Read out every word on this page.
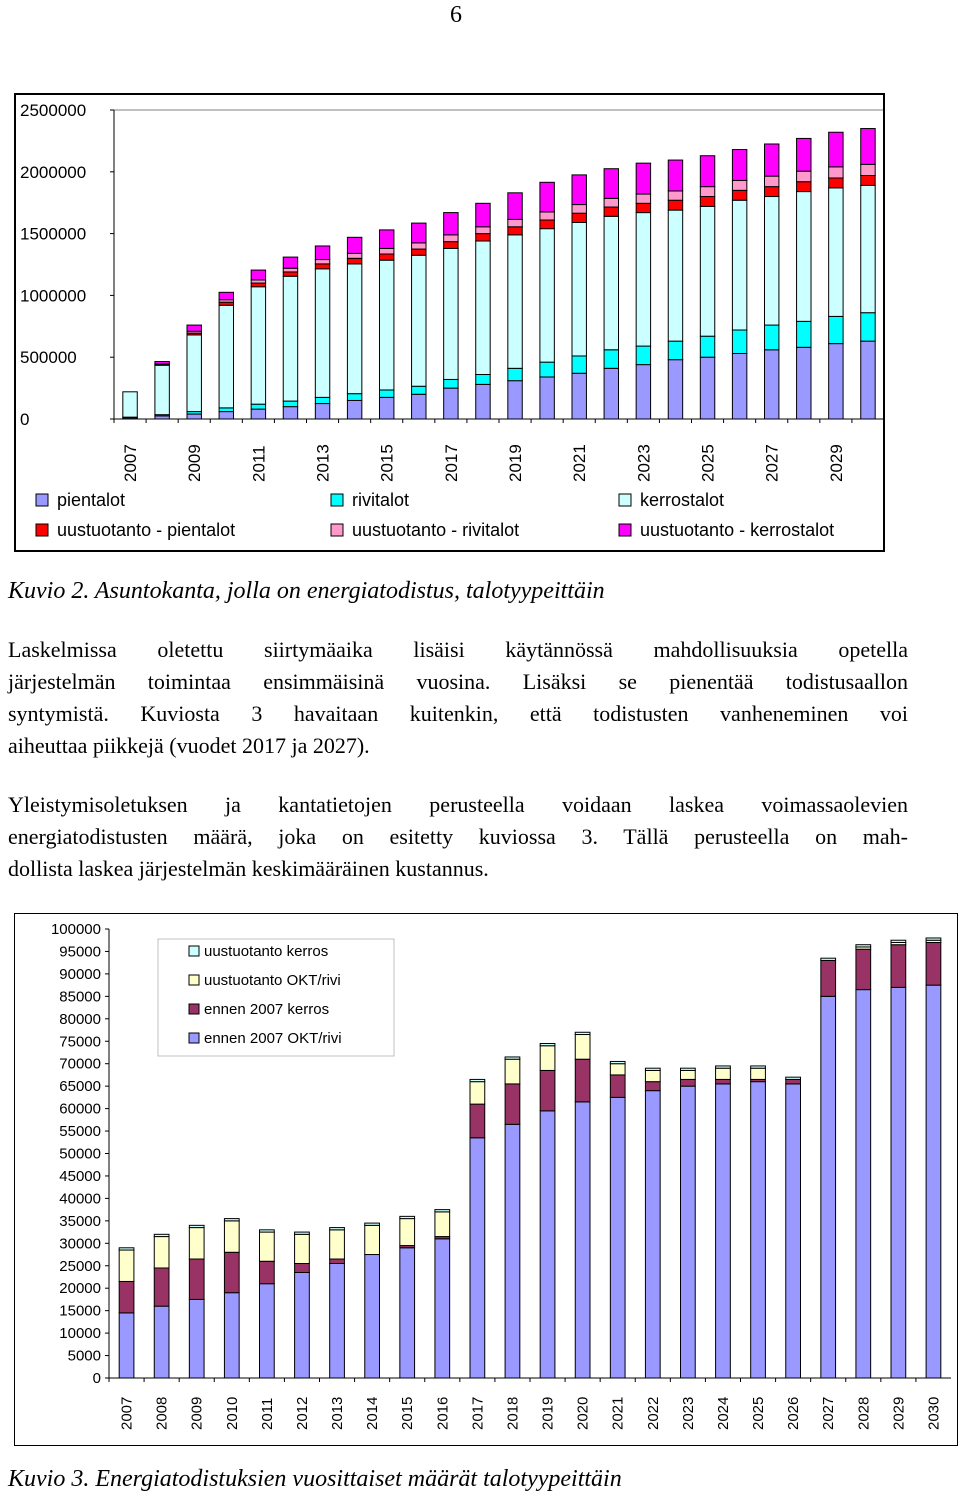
6
0
500000
1000000
1500000
2000000
2500000
2007	2009	2011	2013	2015	2017	2019	2021	2023	2025	2027	2029
pientalot	rivitalot	kerrostalot
uustuotanto - pientalot	uustuotanto - rivitalot	uustuotanto - kerrostalot
Kuvio 2. Asuntokanta, jolla on energiatodistus, talotyypeittäin
Laskelmissa oletettu siirtymäaika lisäisi käytännössä mahdollisuuksia opetella
järjestelmän toimintaa ensimmäisinä vuosina. Lisäksi se pienentää todistusaallon
syntymistä. Kuviosta 3 havaitaan kuitenkin, että todistusten vanheneminen voi
aiheuttaa piikkejä (vuodet 2017 ja 2027).
Yleistymisoletuksen ja kantatietojen perusteella voidaan laskea voimassaolevien
energiatodistusten määrä, joka on esitetty kuviossa 3. Tällä perusteella on mah-
dollista laskea järjestelmän keskimääräinen kustannus.
0
5000
10000
15000
20000
25000
30000
35000
40000
45000
50000
55000
60000
65000
70000
75000
80000
85000
90000
95000
100000
2007 2008 2009 2010 2011 2012 2013 2014 2015 2016 2017 2018 2019 2020 2021 2022 2023 2024 2025 2026 2027 2028 2029 2030
uustuotanto kerros
uustuotanto OKT/rivi
ennen 2007 kerros
ennen 2007 OKT/rivi
Kuvio 3. Energiatodistuksien vuosittaiset määrät talotyypeittäin
